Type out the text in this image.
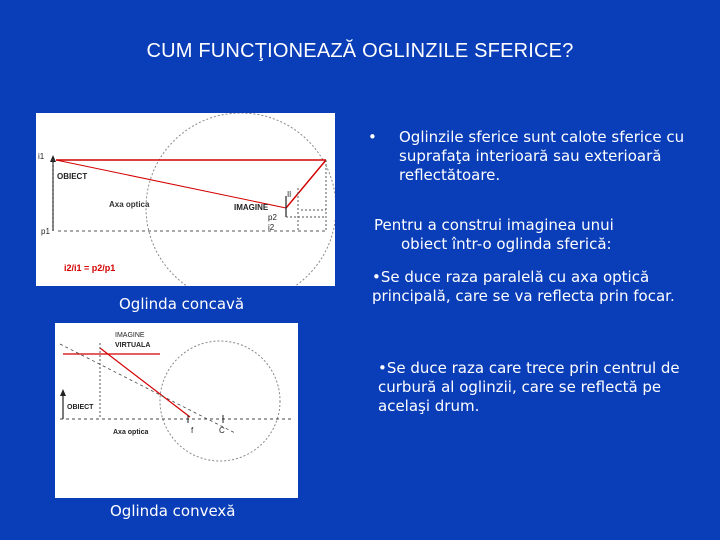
CUM FUNCŢIONEAZĂ OGLINZILE SFERICE?
i1
OBIECT
Axa optica	IMAGINE
p1
p2
i2
Il
i2/i1 = p2/p1
Oglinda concavă
IMAGINE
VIRTUALA
OBIECT
Axa optica	f	C
Oglinda convexă
• Oglinzile sferice sunt calote sferice cu suprafaţa interioară sau exterioară reflectătoare.
Pentru a construi imaginea unui
obiect într-o oglinda sferică:
•Se duce raza paralelă cu axa optică principală, care se va reflecta prin focar.
•Se duce raza care trece prin centrul de curbură al oglinzii, care se reflectă pe acelaşi drum.
